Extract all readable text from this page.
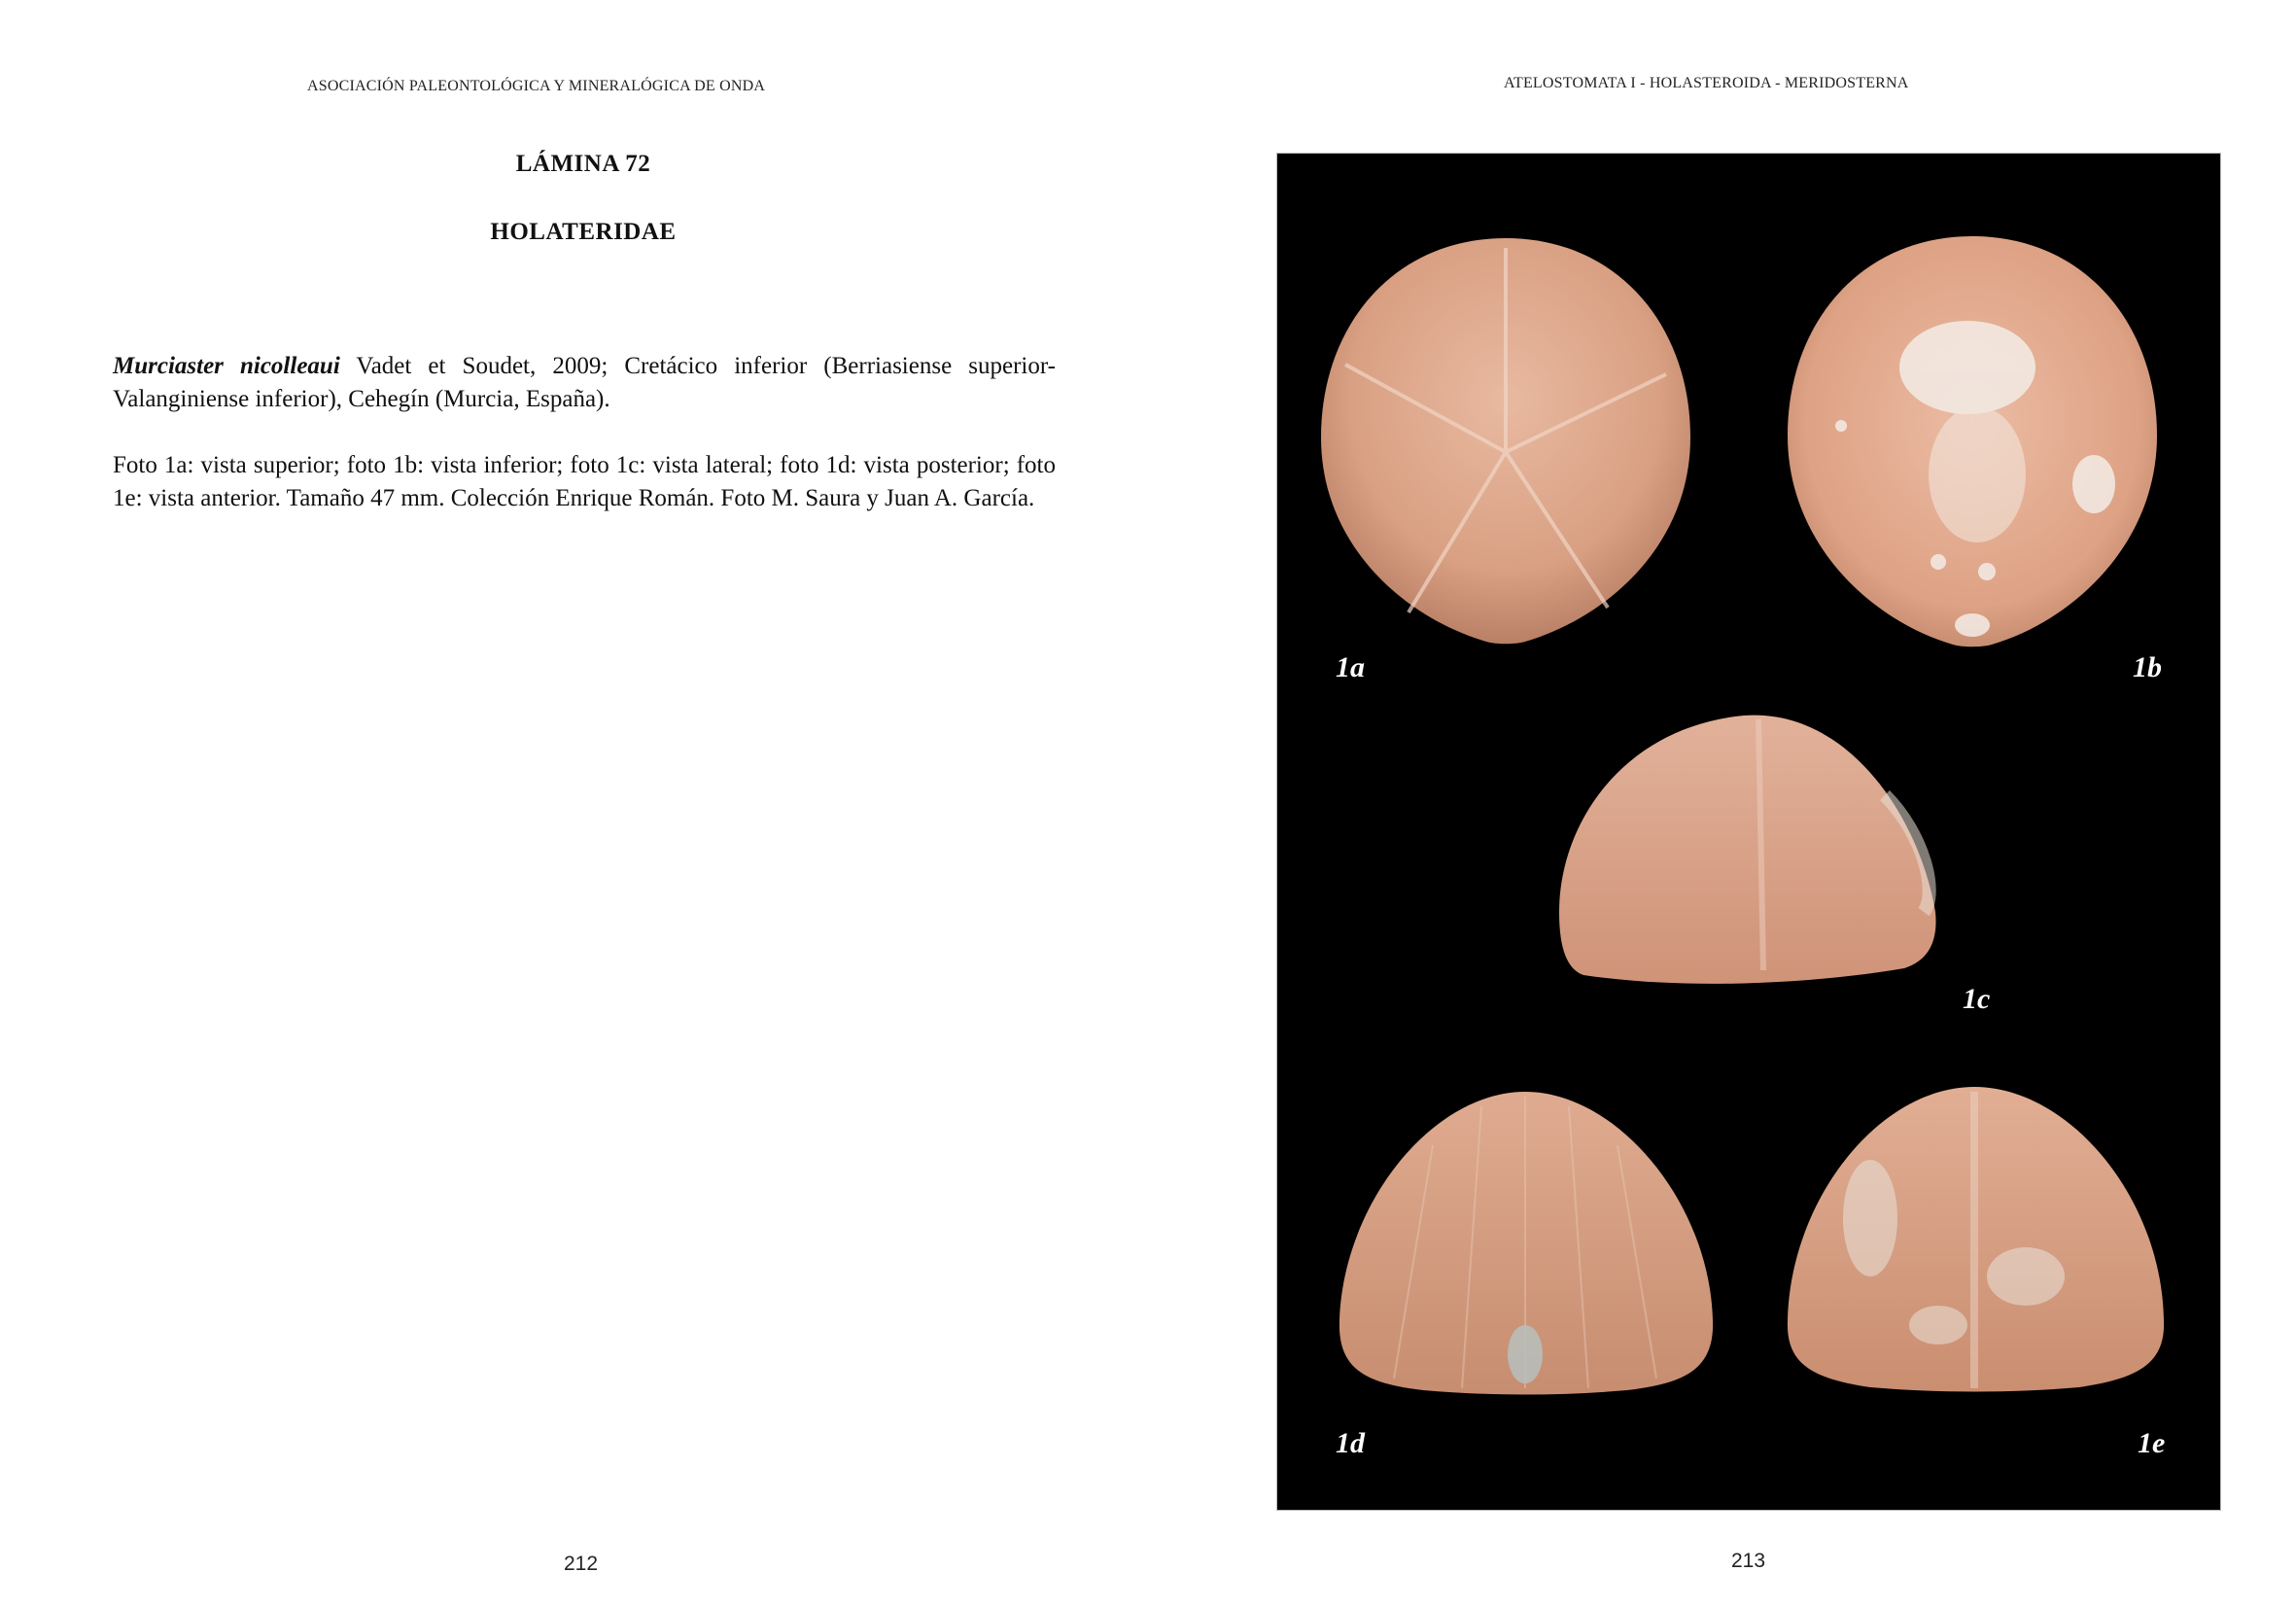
ASOCIACIÓN PALEONTOLÓGICA Y MINERALÓGICA DE ONDA
LÁMINA 72
HOLATERIDAE

Murciaster nicolleaui Vadet et Soudet, 2009; Cretácico inferior (Berriasiense superior-Valanginiense inferior), Cehegín (Murcia, España).

Foto 1a: vista superior; foto 1b: vista inferior; foto 1c: vista lateral; foto 1d: vista posterior; foto 1e: vista anterior. Tamaño 47 mm. Colección Enrique Román. Foto M. Saura y Juan A. García.

212
ATELOSTOMATA I - HOLASTEROIDA - MERIDOSTERNA
1a	1b
1c
1d	1e
213
